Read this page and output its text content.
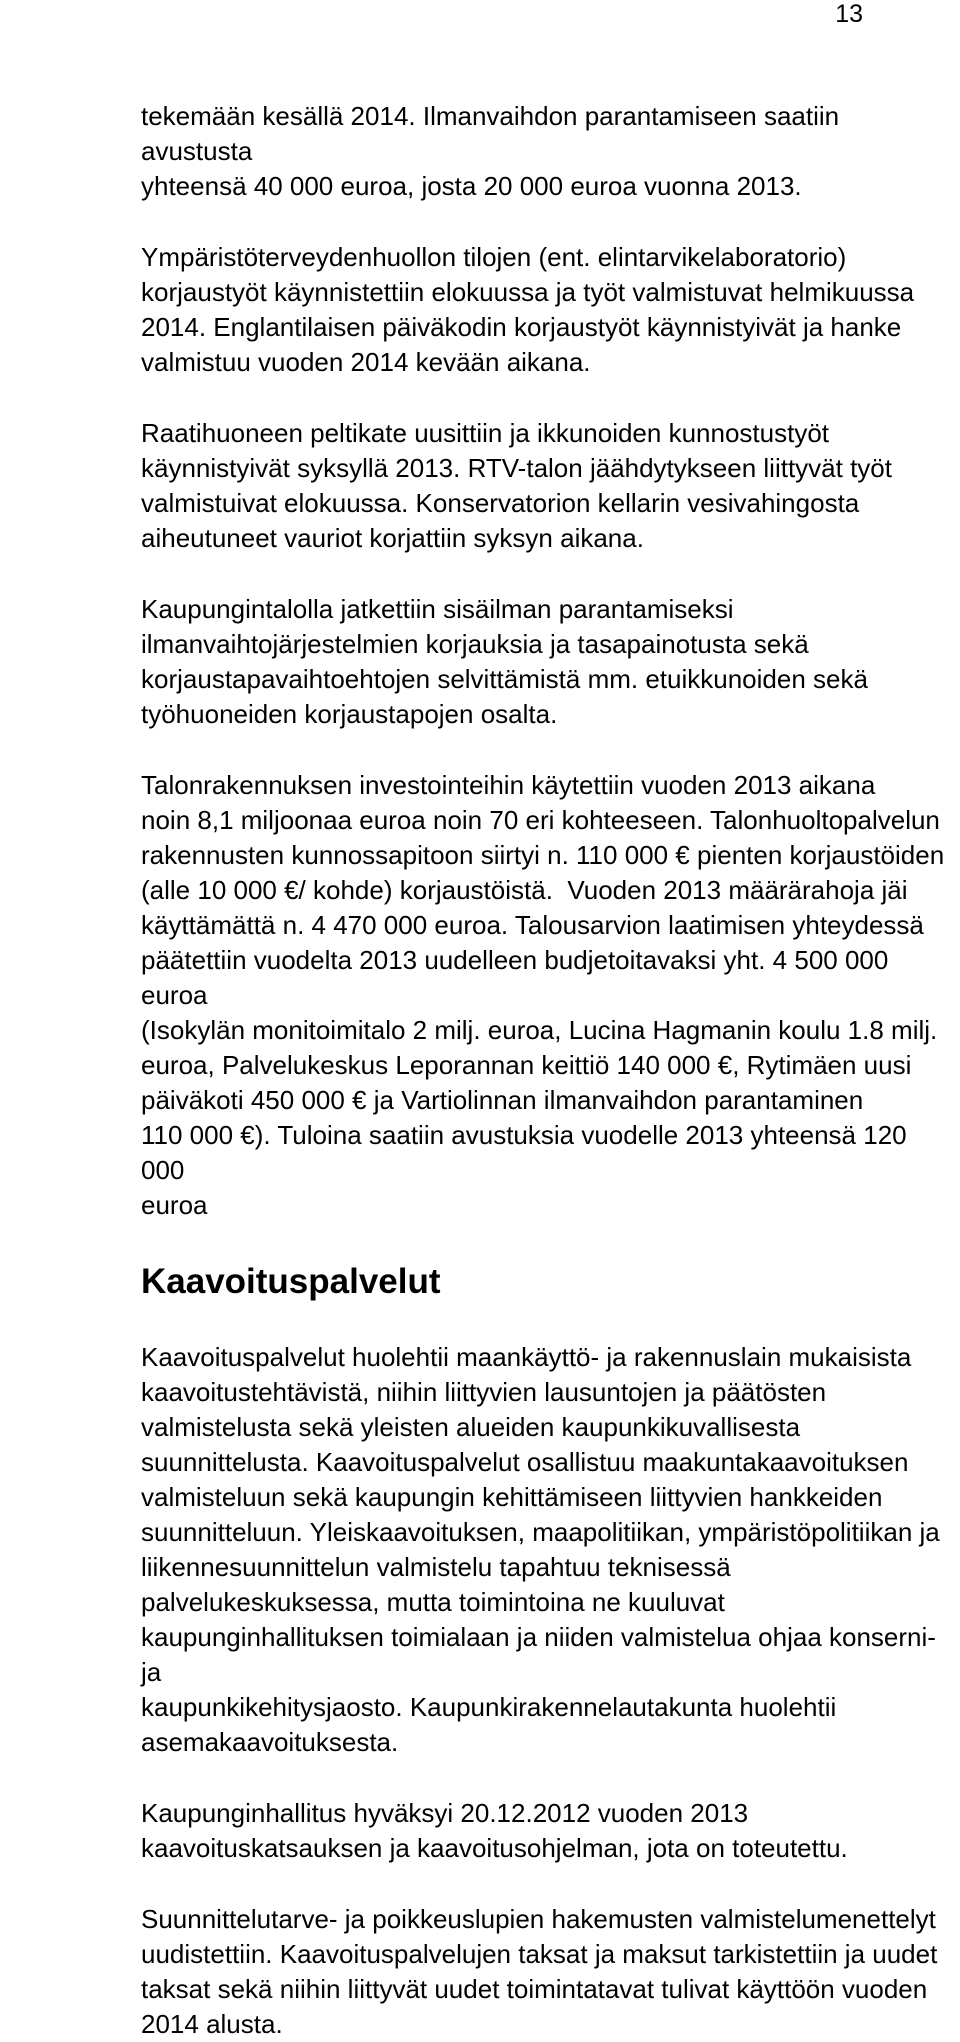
13

tekemään kesällä 2014. Ilmanvaihdon parantamiseen saatiin avustusta
yhteensä 40 000 euroa, josta 20 000 euroa vuonna 2013.

Ympäristöterveydenhuollon tilojen (ent. elintarvikelaboratorio)
korjaustyöt käynnistettiin elokuussa ja työt valmistuvat helmikuussa
2014. Englantilaisen päiväkodin korjaustyöt käynnistyivät ja hanke
valmistuu vuoden 2014 kevään aikana.

Raatihuoneen peltikate uusittiin ja ikkunoiden kunnostustyöt
käynnistyivät syksyllä 2013. RTV-talon jäähdytykseen liittyvät työt
valmistuivat elokuussa. Konservatorion kellarin vesivahingosta
aiheutuneet vauriot korjattiin syksyn aikana.

Kaupungintalolla jatkettiin sisäilman parantamiseksi
ilmanvaihtojärjestelmien korjauksia ja tasapainotusta sekä
korjaustapavaihtoehtojen selvittämistä mm. etuikkunoiden sekä
työhuoneiden korjaustapojen osalta.

Talonrakennuksen investointeihin käytettiin vuoden 2013 aikana
noin 8,1 miljoonaa euroa noin 70 eri kohteeseen. Talonhuoltopalvelun
rakennusten kunnossapitoon siirtyi n. 110 000 € pienten korjaustöiden
(alle 10 000 €/ kohde) korjaustöistä.  Vuoden 2013 määrärahoja jäi
käyttämättä n. 4 470 000 euroa. Talousarvion laatimisen yhteydessä
päätettiin vuodelta 2013 uudelleen budjetoitavaksi yht. 4 500 000 euroa
(Isokylän monitoimitalo 2 milj. euroa, Lucina Hagmanin koulu 1.8 milj.
euroa, Palvelukeskus Leporannan keittiö 140 000 €, Rytimäen uusi
päiväkoti 450 000 € ja Vartiolinnan ilmanvaihdon parantaminen
110 000 €). Tuloina saatiin avustuksia vuodelle 2013 yhteensä 120 000
euroa

Kaavoituspalvelut

Kaavoituspalvelut huolehtii maankäyttö- ja rakennuslain mukaisista
kaavoitustehtävistä, niihin liittyvien lausuntojen ja päätösten
valmistelusta sekä yleisten alueiden kaupunkikuvallisesta
suunnittelusta. Kaavoituspalvelut osallistuu maakuntakaavoituksen
valmisteluun sekä kaupungin kehittämiseen liittyvien hankkeiden
suunnitteluun. Yleiskaavoituksen, maapolitiikan, ympäristöpolitiikan ja
liikennesuunnittelun valmistelu tapahtuu teknisessä
palvelukeskuksessa, mutta toimintoina ne kuuluvat
kaupunginhallituksen toimialaan ja niiden valmistelua ohjaa konserni- ja
kaupunkikehitysjaosto. Kaupunkirakennelautakunta huolehtii
asemakaavoituksesta.

Kaupunginhallitus hyväksyi 20.12.2012 vuoden 2013
kaavoituskatsauksen ja kaavoitusohjelman, jota on toteutettu.

Suunnittelutarve- ja poikkeuslupien hakemusten valmistelumenettelyt
uudistettiin. Kaavoituspalvelujen taksat ja maksut tarkistettiin ja uudet
taksat sekä niihin liittyvät uudet toimintatavat tulivat käyttöön vuoden
2014 alusta.
